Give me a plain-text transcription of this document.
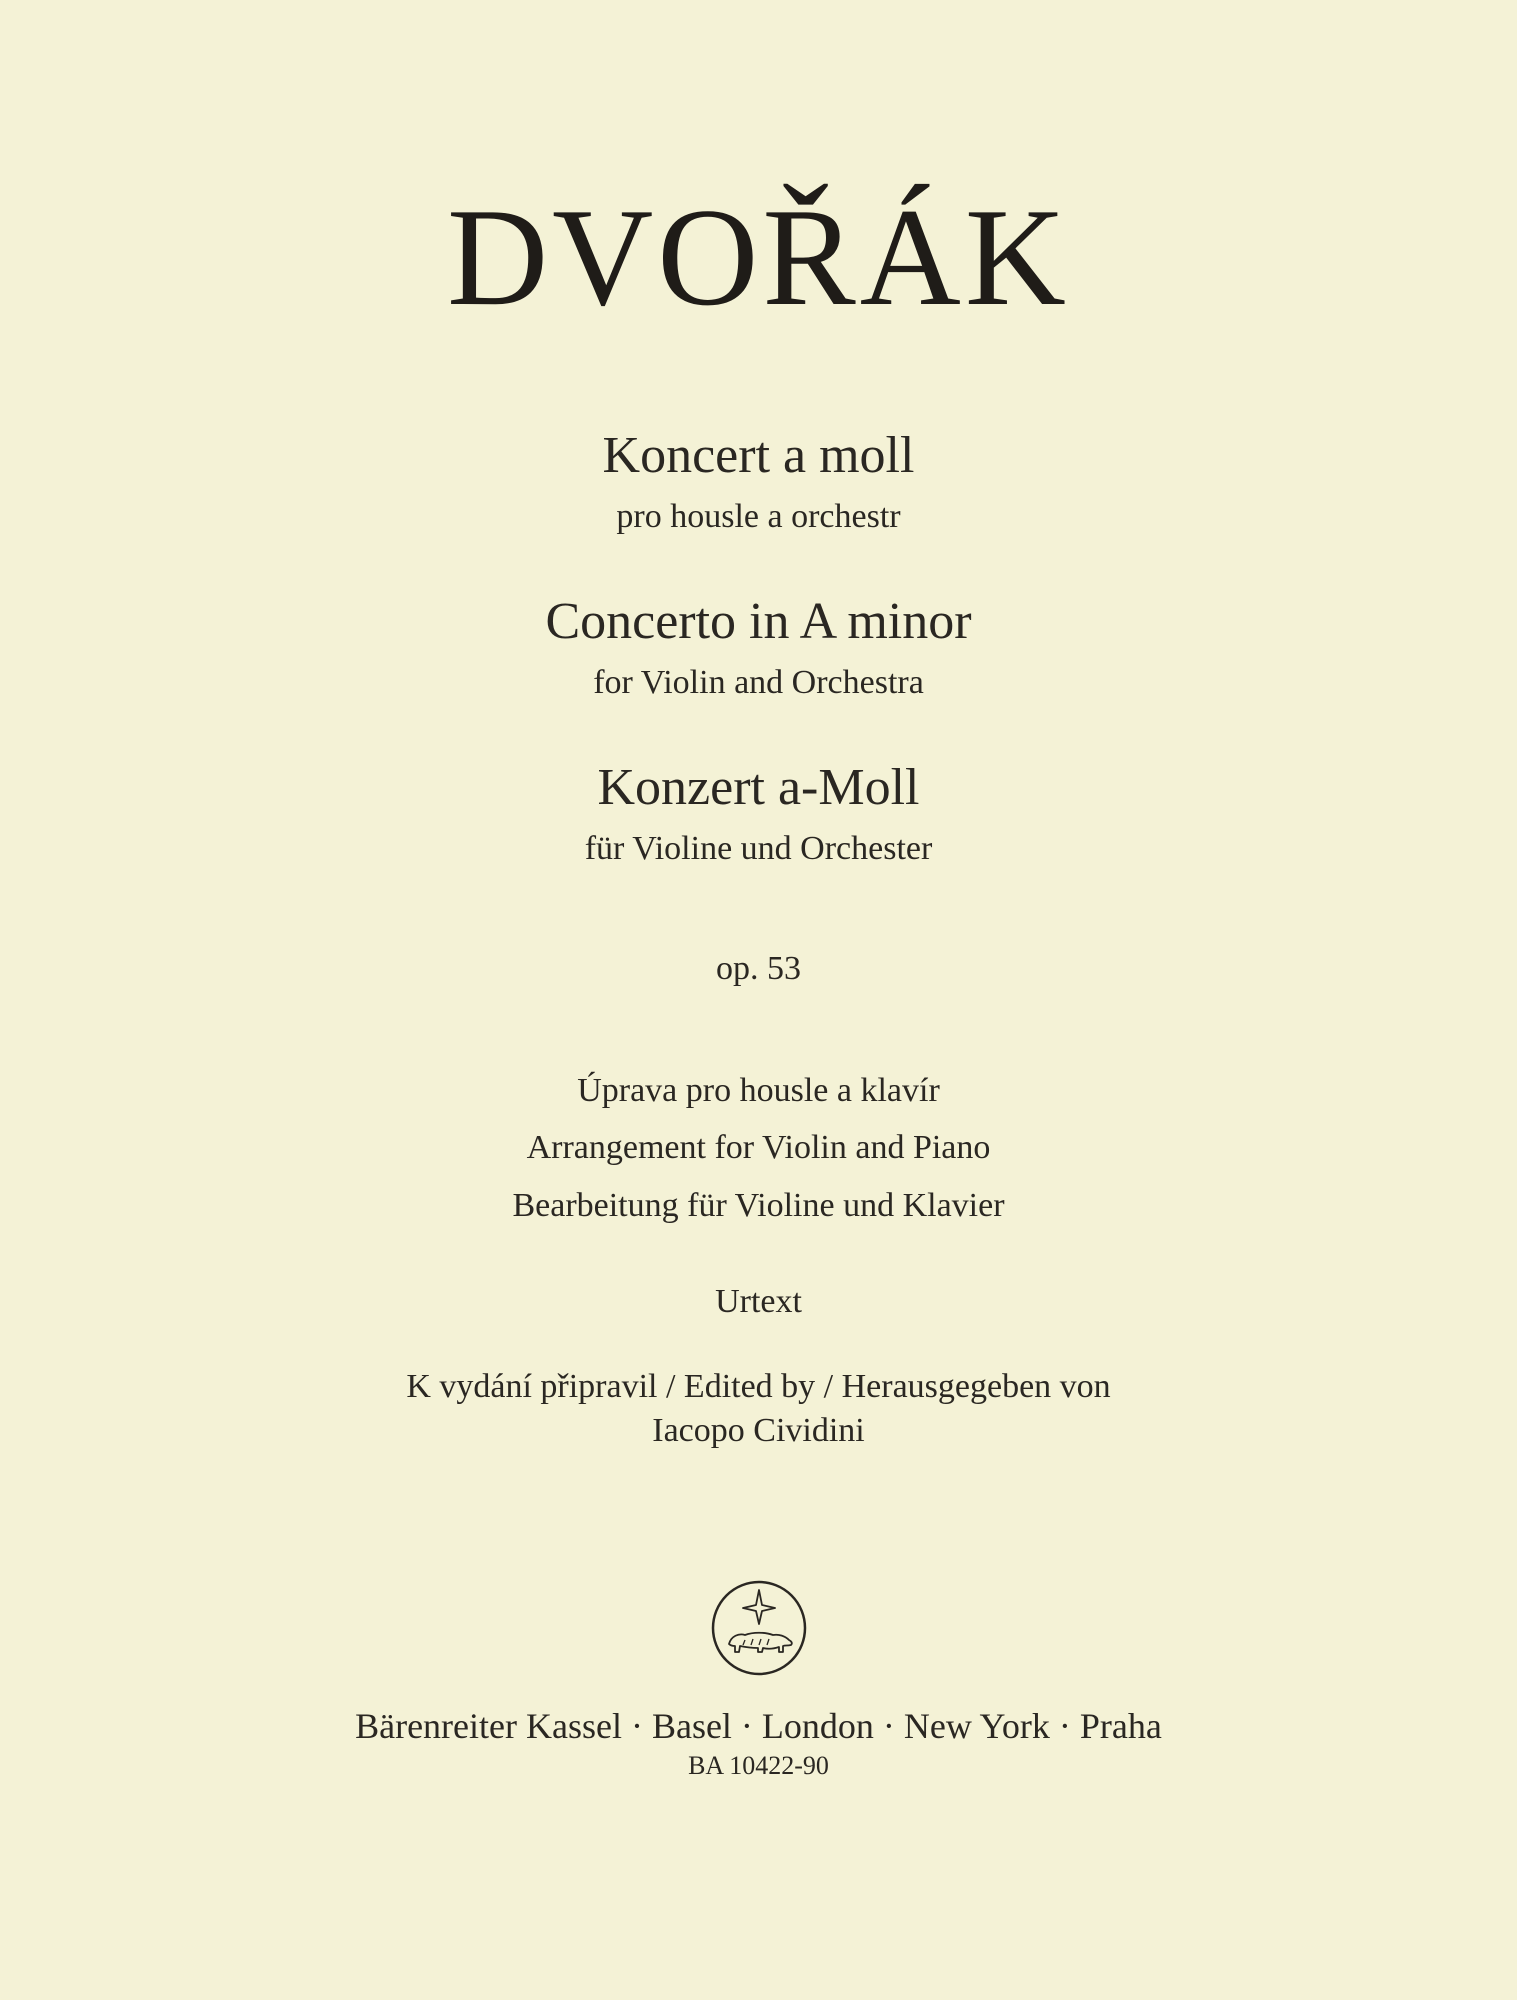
DVOŘÁK
Koncert a moll
pro housle a orchestr
Concerto in A minor
for Violin and Orchestra
Konzert a-Moll
für Violine und Orchester
op. 53
Úprava pro housle a klavír
Arrangement for Violin and Piano
Bearbeitung für Violine und Klavier
Urtext
K vydání připravil / Edited by / Herausgegeben von
Iacopo Cividini
Bärenreiter Kassel · Basel · London · New York · Praha
BA 10422-90
